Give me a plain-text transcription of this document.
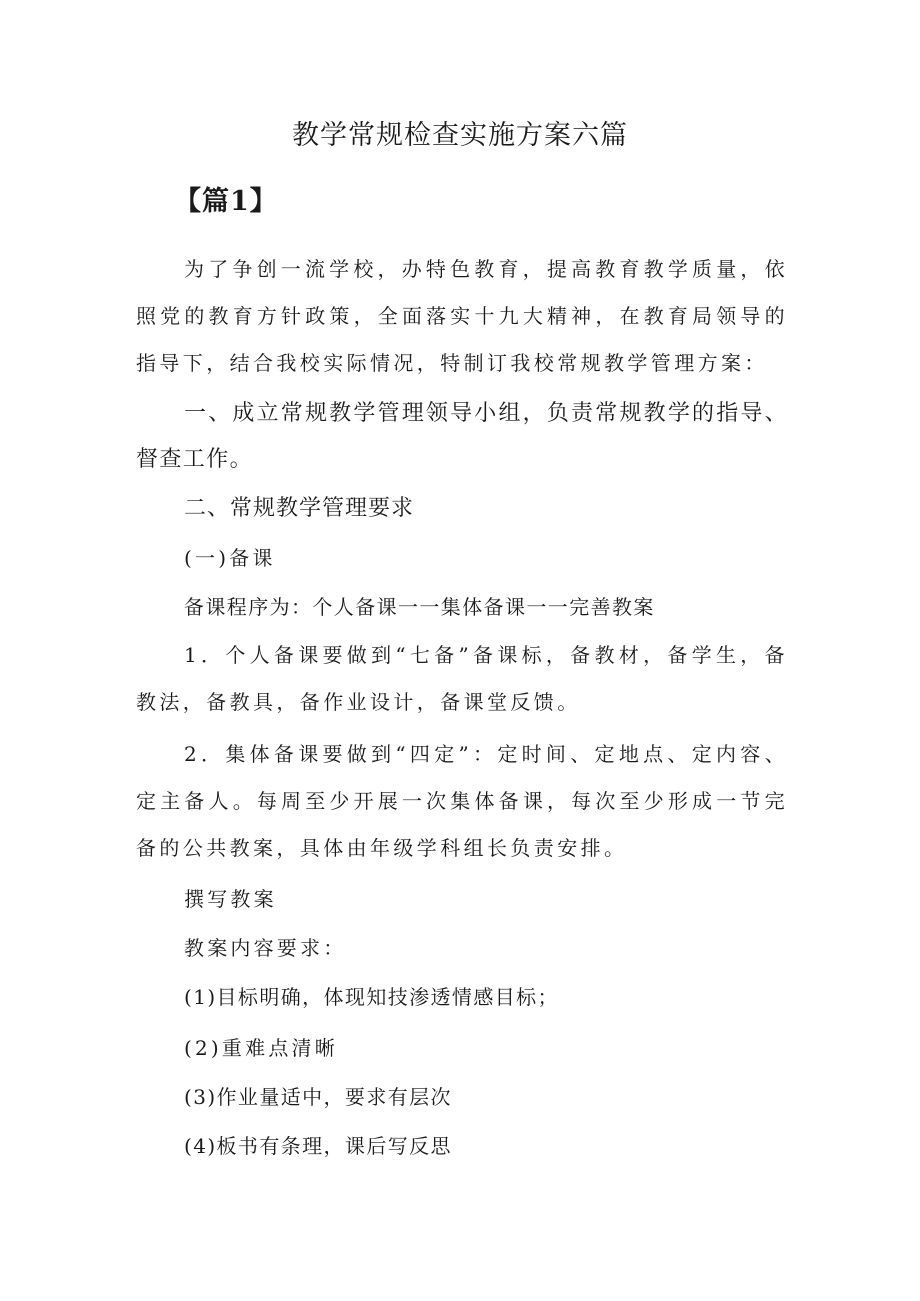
教学常规检查实施方案六篇
【篇1】

为了争创一流学校，办特色教育，提高教育教学质量，依照党的教育方针政策，全面落实十九大精神，在教育局领导的指导下，结合我校实际情况，特制订我校常规教学管理方案：

一、成立常规教学管理领导小组，负责常规教学的指导、督查工作。

二、常规教学管理要求

(一)备课

备课程序为：个人备课一一集体备课一一完善教案

1．个人备课要做到“七备”备课标，备教材，备学生，备教法，备教具，备作业设计，备课堂反馈。

2．集体备课要做到“四定”：定时间、定地点、定内容、定主备人。每周至少开展一次集体备课，每次至少形成一节完备的公共教案，具体由年级学科组长负责安排。

撰写教案

教案内容要求：

(1)目标明确，体现知技渗透情感目标；

(2)重难点清晰

(3)作业量适中，要求有层次

(4)板书有条理，课后写反思
